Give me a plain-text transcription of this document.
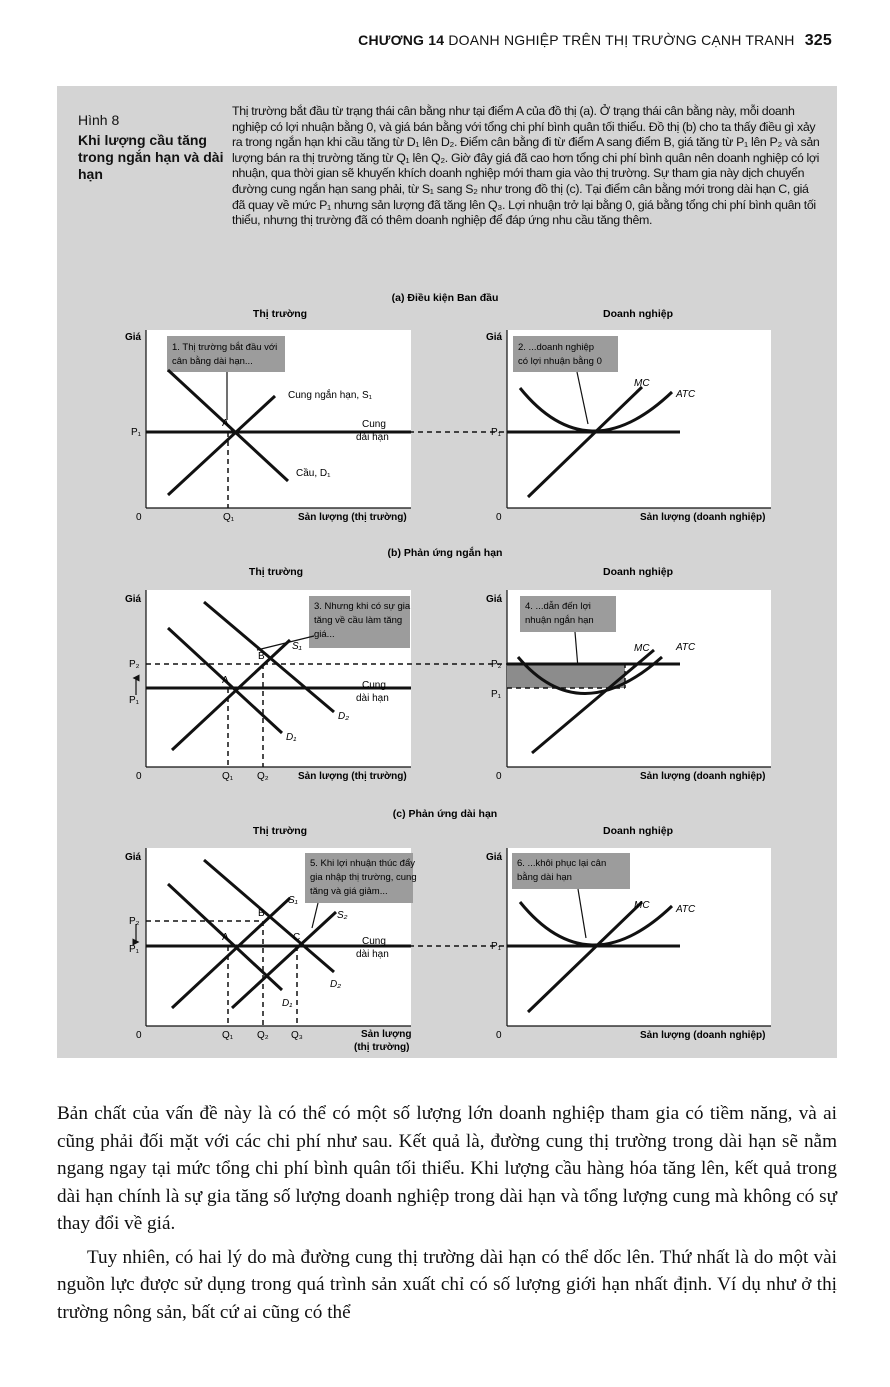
CHƯƠNG 14 DOANH NGHIỆP TRÊN THỊ TRƯỜNG CẠNH TRANH 325
Hình 8
Khi lượng cầu tăng trong ngắn hạn và dài hạn
Thị trường bắt đầu từ trạng thái cân bằng như tại điểm A của đồ thị (a). Ở trạng thái cân bằng này, mỗi doanh nghiệp có lợi nhuận bằng 0, và giá bán bằng với tổng chi phí bình quân tối thiểu. Đồ thị (b) cho ta thấy điều gì xảy ra trong ngắn hạn khi cầu tăng từ D₁ lên D₂. Điểm cân bằng đi từ điểm A sang điểm B, giá tăng từ P₁ lên P₂ và sản lượng bán ra thị trường tăng từ Q₁ lên Q₂. Giờ đây giá đã cao hơn tổng chi phí bình quân nên doanh nghiệp có lợi nhuận, qua thời gian sẽ khuyến khích doanh nghiệp mới tham gia vào thị trường. Sự tham gia này dịch chuyển đường cung ngắn hạn sang phải, từ S₁ sang S₂ như trong đồ thị (c). Tại điểm cân bằng mới trong dài hạn C, giá đã quay về mức P₁ nhưng sản lượng đã tăng lên Q₃. Lợi nhuận trở lại bằng 0, giá bằng tổng chi phí bình quân tối thiểu, nhưng thị trường đã có thêm doanh nghiệp để đáp ứng nhu cầu tăng thêm.
(a) Điều kiện Ban đầu
Thị trường	Doanh nghiệp
Giá
0	Sản lượng (thị trường)
1. Thị trường bắt đầu với
cân bằng dài hạn...
P₁
A
Q₁
Cung ngắn hạn, S₁
Cung
dài hạn
Cầu, D₁
Giá
0	Sản lượng (doanh nghiệp)
2. ...doanh nghiệp
có lợi nhuận bằng 0
P₁
MC
ATC
(b) Phản ứng ngắn hạn
Thị trường	Doanh nghiệp
Giá
0	Sản lượng (thị trường)
3. Nhưng khi có sự gia
tăng về cầu làm tăng
giá...
P₂
P₁
A
B
S₁
D₂
D₁
Cung
dài hạn
Q₁ Q₂
Giá
0	Sản lượng (doanh nghiệp)
4. ...dẫn đến lợi
nhuận ngắn hạn
P₂
P₁
MC	ATC
(c) Phản ứng dài hạn
Thị trường	Doanh nghiệp
Giá
0	Sản lượng
(thị trường)
5. Khi lợi nhuận thúc đẩy
gia nhập thị trường, cung
tăng và giá giảm...
P₂
P₁
A
B
C
S₁
S₂
D₂
D₁
Cung
dài hạn
Q₁ Q₂ Q₃
Giá
0	Sản lượng (doanh nghiệp)
6. ...khôi phục lại cân
bằng dài hạn
P₁
MC	ATC

Bản chất của vấn đề này là có thể có một số lượng lớn doanh nghiệp tham gia có tiềm năng, và ai cũng phải đối mặt với các chi phí như sau. Kết quả là, đường cung thị trường trong dài hạn sẽ nằm ngang ngay tại mức tổng chi phí bình quân tối thiểu. Khi lượng cầu hàng hóa tăng lên, kết quả trong dài hạn chính là sự gia tăng số lượng doanh nghiệp trong dài hạn và tổng lượng cung mà không có sự thay đổi về giá.

Tuy nhiên, có hai lý do mà đường cung thị trường dài hạn có thể dốc lên. Thứ nhất là do một vài nguồn lực được sử dụng trong quá trình sản xuất chỉ có số lượng giới hạn nhất định. Ví dụ như ở thị trường nông sản, bất cứ ai cũng có thể
